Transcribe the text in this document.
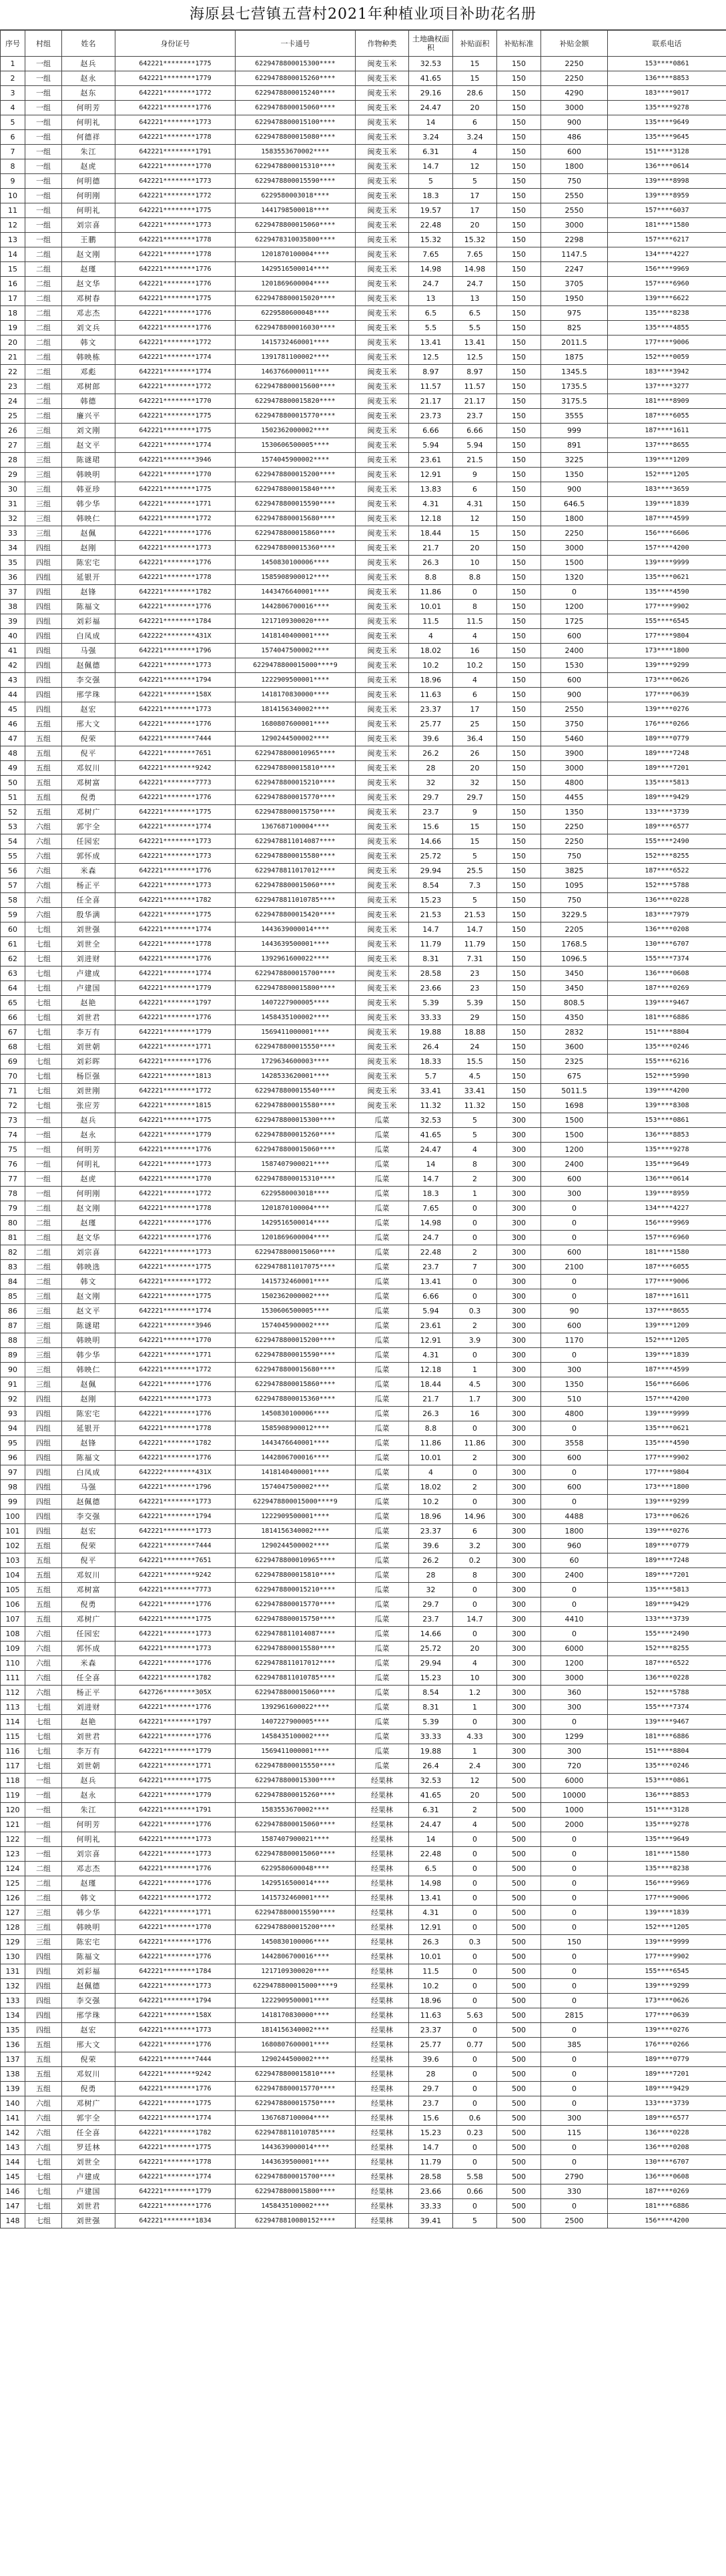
海原县七营镇五营村2021年种植业项目补助花名册
序号	村组	姓名	身份证号	一卡通号	作物种类	土地确权面积	补贴面积	补贴标准	补贴金额	联系电话
1	一组	赵兵	642221********1775	6229478800015300****	闽麦玉米	32.53	15	150	2250	153****0861
2	一组	赵永	642221********1779	6229478800015260****	闽麦玉米	41.65	15	150	2250	136****8853
3	一组	赵东	642221********1772	6229478800015240****	闽麦玉米	29.16	28.6	150	4290	183****9017
4	一组	何明芳	642221********1776	6229478800015060****	闽麦玉米	24.47	20	150	3000	135****9278
5	一组	何明礼	642221********1773	6229478800015100****	闽麦玉米	14	6	150	900	135****9649
6	一组	何德祥	642221********1778	6229478800015080****	闽麦玉米	3.24	3.24	150	486	135****9645
7	一组	朱江	642221********1791	1583553670002****	闽麦玉米	6.31	4	150	600	151****3128
8	一组	赵虎	642221********1770	6229478800015310****	闽麦玉米	14.7	12	150	1800	136****0614
9	一组	何明德	642221********1773	6229478800015590****	闽麦玉米	5	5	150	750	139****8998
10	一组	何明刚	642221********1772	6229580003018****	闽麦玉米	18.3	17	150	2550	139****8959
11	一组	何明礼	642221********1775	1441798500018****	闽麦玉米	19.57	17	150	2550	157****6037
12	一组	刘宗喜	642221********1773	6229478800015060****	闽麦玉米	22.48	20	150	3000	181****1580
13	一组	王鹏	642221********1778	6229478310035800****	闽麦玉米	15.32	15.32	150	2298	157****6217
14	二组	赵文刚	642221********1778	1201870100004****	闽麦玉米	7.65	7.65	150	1147.5	134****4227
15	二组	赵瑾	642221********1776	1429516500014****	闽麦玉米	14.98	14.98	150	2247	156****9969
16	二组	赵文华	642221********1776	1201869600004****	闽麦玉米	24.7	24.7	150	3705	157****6960
17	二组	邓树春	642221********1775	6229478800015020****	闽麦玉米	13	13	150	1950	139****6622
18	二组	邓志杰	642221********1776	6229580600048****	闽麦玉米	6.5	6.5	150	975	135****8238
19	二组	刘文兵	642221********1776	6229478800016030****	闽麦玉米	5.5	5.5	150	825	135****4855
20	二组	韩文	642221********1772	1415732460001****	闽麦玉米	13.41	13.41	150	2011.5	177****9006
21	二组	韩映栋	642221********1774	1391781100002****	闽麦玉米	12.5	12.5	150	1875	152****0059
22	二组	邓彪	642221********1774	1463766000011****	闽麦玉米	8.97	8.97	150	1345.5	183****3942
23	二组	邓树郎	642221********1772	6229478800015600****	闽麦玉米	11.57	11.57	150	1735.5	137****3277
24	二组	韩德	642221********1770	6229478800015820****	闽麦玉米	21.17	21.17	150	3175.5	181****8909
25	二组	廉兴平	642221********1775	6229478800015770****	闽麦玉米	23.73	23.7	150	3555	187****6055
26	三组	刘文刚	642221********1775	1502362000002****	闽麦玉米	6.66	6.66	150	999	187****1611
27	三组	赵文平	642221********1774	1530606500005****	闽麦玉米	5.94	5.94	150	891	137****8655
28	三组	陈谜珺	642221********3946	1574045900002****	闽麦玉米	23.61	21.5	150	3225	139****1209
29	三组	韩映明	642221********1770	6229478800015200****	闽麦玉米	12.91	9	150	1350	152****1205
30	三组	韩亚珍	642221********1775	6229478800015840****	闽麦玉米	13.83	6	150	900	183****3659
31	三组	韩少华	642221********1771	6229478800015590****	闽麦玉米	4.31	4.31	150	646.5	139****1839
32	三组	韩映仁	642221********1772	6229478800015680****	闽麦玉米	12.18	12	150	1800	187****4599
33	三组	赵佩	642221********1776	6229478800015860****	闽麦玉米	18.44	15	150	2250	156****6606
34	四组	赵刚	642221********1773	6229478800015360****	闽麦玉米	21.7	20	150	3000	157****4200
35	四组	陈宏宅	642221********1776	1450830100006****	闽麦玉米	26.3	10	150	1500	139****9999
36	四组	延银开	642221********1778	1585908900012****	闽麦玉米	8.8	8.8	150	1320	135****0621
37	四组	赵锋	642221********1782	1443476640001****	闽麦玉米	11.86	0	150	0	135****4590
38	四组	陈福文	642221********1776	1442806700016****	闽麦玉米	10.01	8	150	1200	177****9902
39	四组	刘彩福	642221********1784	1217109300020****	闽麦玉米	11.5	11.5	150	1725	155****6545
40	四组	白凤成	642222********431X	1418140400001****	闽麦玉米	4	4	150	600	177****9804
41	四组	马强	642221********1796	1574047500002****	闽麦玉米	18.02	16	150	2400	173****1800
42	四组	赵佩德	642221********1773	6229478800015000****9	闽麦玉米	10.2	10.2	150	1530	139****9299
43	四组	李交强	642221********1794	1222909500001****	闽麦玉米	18.96	4	150	600	173****0626
44	四组	邢学珠	642221********158X	1418170830000****	闽麦玉米	11.63	6	150	900	177****0639
45	四组	赵宏	642221********1773	1814156340002****	闽麦玉米	23.37	17	150	2550	139****0276
46	五组	邢大文	642221********1776	1680807600001****	闽麦玉米	25.77	25	150	3750	176****0266
47	五组	倪荣	642221********7444	1290244500002****	闽麦玉米	39.6	36.4	150	5460	189****0779
48	五组	倪平	642221********7651	6229478800010965****	闽麦玉米	26.2	26	150	3900	189****7248
49	五组	邓奴川	642221********9242	6229478800015810****	闽麦玉米	28	20	150	3000	189****7201
50	五组	邓树富	642221********7773	6229478800015210****	闽麦玉米	32	32	150	4800	135****5813
51	五组	倪勇	642221********1776	6229478800015770****	闽麦玉米	29.7	29.7	150	4455	189****9429
52	五组	邓树广	642221********1775	6229478800015750****	闽麦玉米	23.7	9	150	1350	133****3739
53	六组	郭宇全	642221********1774	1367687100004****	闽麦玉米	15.6	15	150	2250	189****6577
54	六组	任园宏	642221********1773	6229478811014087****	闽麦玉米	14.66	15	150	2250	155****2490
55	六组	郭怀成	642221********1773	6229478800015580****	闽麦玉米	25.72	5	150	750	152****8255
56	六组	米森	642221********1776	6229478811017012****	闽麦玉米	29.94	25.5	150	3825	187****6522
57	六组	杨正平	642221********1773	6229478800015060****	闽麦玉米	8.54	7.3	150	1095	152****5788
58	六组	任全喜	642221********1782	6229478811010785****	闽麦玉米	15.23	5	150	750	136****0228
59	六组	殷华满	642221********1775	6229478800015420****	闽麦玉米	21.53	21.53	150	3229.5	183****7979
60	七组	刘世强	642221********1774	1443639000014****	闽麦玉米	14.7	14.7	150	2205	136****0208
61	七组	刘世全	642221********1778	1443639500001****	闽麦玉米	11.79	11.79	150	1768.5	130****6707
62	七组	刘进财	642221********1776	1392961600022****	闽麦玉米	8.31	7.31	150	1096.5	155****7374
63	七组	卢建成	642221********1774	6229478800015700****	闽麦玉米	28.58	23	150	3450	136****0608
64	七组	卢建国	642221********1779	6229478800015800****	闽麦玉米	23.66	23	150	3450	187****0269
65	七组	赵艳	642221********1797	1407227900005****	闽麦玉米	5.39	5.39	150	808.5	139****9467
66	七组	刘世君	642221********1776	1458435100002****	闽麦玉米	33.33	29	150	4350	181****6886
67	七组	李万有	642221********1779	1569411000001****	闽麦玉米	19.88	18.88	150	2832	151****8804
68	七组	刘世朝	642221********1771	6229478800015550****	闽麦玉米	26.4	24	150	3600	135****0246
69	七组	刘彩晖	642221********1776	1729634600003****	闽麦玉米	18.33	15.5	150	2325	155****6216
70	七组	杨臣强	642221********1813	1428533620001****	闽麦玉米	5.7	4.5	150	675	152****5990
71	七组	刘世刚	642221********1772	6229478800015540****	闽麦玉米	33.41	33.41	150	5011.5	139****4200
72	七组	张应芳	642221********1815	6229478800015580****	闽麦玉米	11.32	11.32	150	1698	139****8308
73	一组	赵兵	642221********1775	6229478800015300****	瓜菜	32.53	5	300	1500	153****0861
74	一组	赵永	642221********1779	6229478800015260****	瓜菜	41.65	5	300	1500	136****8853
75	一组	何明芳	642221********1776	6229478800015060****	瓜菜	24.47	4	300	1200	135****9278
76	一组	何明礼	642221********1773	1587407900021****	瓜菜	14	8	300	2400	135****9649
77	一组	赵虎	642221********1770	6229478800015310****	瓜菜	14.7	2	300	600	136****0614
78	一组	何明刚	642221********1772	6229580003018****	瓜菜	18.3	1	300	300	139****8959
79	二组	赵文刚	642221********1778	1201870100004****	瓜菜	7.65	0	300	0	134****4227
80	二组	赵瑾	642221********1776	1429516500014****	瓜菜	14.98	0	300	0	156****9969
81	二组	赵文华	642221********1776	1201869600004****	瓜菜	24.7	0	300	0	157****6960
82	二组	刘宗喜	642221********1773	6229478800015060****	瓜菜	22.48	2	300	600	181****1580
83	二组	韩映选	642221********1775	6229478811017075****	瓜菜	23.7	7	300	2100	187****6055
84	二组	韩文	642221********1772	1415732460001****	瓜菜	13.41	0	300	0	177****9006
85	三组	赵文刚	642221********1775	1502362000002****	瓜菜	6.66	0	300	0	187****1611
86	三组	赵文平	642221********1774	1530606500005****	瓜菜	5.94	0.3	300	90	137****8655
87	三组	陈谜珺	642221********3946	1574045900002****	瓜菜	23.61	2	300	600	139****1209
88	三组	韩映明	642221********1770	6229478800015200****	瓜菜	12.91	3.9	300	1170	152****1205
89	三组	韩少华	642221********1771	6229478800015590****	瓜菜	4.31	0	300	0	139****1839
90	三组	韩映仁	642221********1772	6229478800015680****	瓜菜	12.18	1	300	300	187****4599
91	三组	赵佩	642221********1776	6229478800015860****	瓜菜	18.44	4.5	300	1350	156****6606
92	四组	赵刚	642221********1773	6229478800015360****	瓜菜	21.7	1.7	300	510	157****4200
93	四组	陈宏宅	642221********1776	1450830100006****	瓜菜	26.3	16	300	4800	139****9999
94	四组	延银开	642221********1778	1585908900012****	瓜菜	8.8	0	300	0	135****0621
95	四组	赵锋	642221********1782	1443476640001****	瓜菜	11.86	11.86	300	3558	135****4590
96	四组	陈福文	642221********1776	1442806700016****	瓜菜	10.01	2	300	600	177****9902
97	四组	白凤成	642222********431X	1418140400001****	瓜菜	4	0	300	0	177****9804
98	四组	马强	642221********1796	1574047500002****	瓜菜	18.02	2	300	600	173****1800
99	四组	赵佩德	642221********1773	6229478800015000****9	瓜菜	10.2	0	300	0	139****9299
100	四组	李交强	642221********1794	1222909500001****	瓜菜	18.96	14.96	300	4488	173****0626
101	四组	赵宏	642221********1773	1814156340002****	瓜菜	23.37	6	300	1800	139****0276
102	五组	倪荣	642221********7444	1290244500002****	瓜菜	39.6	3.2	300	960	189****0779
103	五组	倪平	642221********7651	6229478800010965****	瓜菜	26.2	0.2	300	60	189****7248
104	五组	邓奴川	642221********9242	6229478800015810****	瓜菜	28	8	300	2400	189****7201
105	五组	邓树富	642221********7773	6229478800015210****	瓜菜	32	0	300	0	135****5813
106	五组	倪勇	642221********1776	6229478800015770****	瓜菜	29.7	0	300	0	189****9429
107	五组	邓树广	642221********1775	6229478800015750****	瓜菜	23.7	14.7	300	4410	133****3739
108	六组	任园宏	642221********1773	6229478811014087****	瓜菜	14.66	0	300	0	155****2490
109	六组	郭怀成	642221********1773	6229478800015580****	瓜菜	25.72	20	300	6000	152****8255
110	六组	米森	642221********1776	6229478811017012****	瓜菜	29.94	4	300	1200	187****6522
111	六组	任全喜	642221********1782	6229478811010785****	瓜菜	15.23	10	300	3000	136****0228
112	六组	杨正平	642726********305X	6229478800015060****	瓜菜	8.54	1.2	300	360	152****5788
113	七组	刘进财	642221********1776	1392961600022****	瓜菜	8.31	1	300	300	155****7374
114	七组	赵艳	642221********1797	1407227900005****	瓜菜	5.39	0	300	0	139****9467
115	七组	刘世君	642221********1776	1458435100002****	瓜菜	33.33	4.33	300	1299	181****6886
116	七组	李万有	642221********1779	1569411000001****	瓜菜	19.88	1	300	300	151****8804
117	七组	刘世朝	642221********1771	6229478800015550****	瓜菜	26.4	2.4	300	720	135****0246
118	一组	赵兵	642221********1775	6229478800015300****	经果林	32.53	12	500	6000	153****0861
119	一组	赵永	642221********1779	6229478800015260****	经果林	41.65	20	500	10000	136****8853
120	一组	朱江	642221********1791	1583553670002****	经果林	6.31	2	500	1000	151****3128
121	一组	何明芳	642221********1776	6229478800015060****	经果林	24.47	4	500	2000	135****9278
122	一组	何明礼	642221********1773	1587407900021****	经果林	14	0	500	0	135****9649
123	一组	刘宗喜	642221********1773	6229478800015060****	经果林	22.48	0	500	0	181****1580
124	二组	邓志杰	642221********1776	6229580600048****	经果林	6.5	0	500	0	135****8238
125	二组	赵瑾	642221********1776	1429516500014****	经果林	14.98	0	500	0	156****9969
126	二组	韩文	642221********1772	1415732460001****	经果林	13.41	0	500	0	177****9006
127	三组	韩少华	642221********1771	6229478800015590****	经果林	4.31	0	500	0	139****1839
128	三组	韩映明	642221********1770	6229478800015200****	经果林	12.91	0	500	0	152****1205
129	三组	陈宏宅	642221********1776	1450830100006****	经果林	26.3	0.3	500	150	139****9999
130	四组	陈福文	642221********1776	1442806700016****	经果林	10.01	0	500	0	177****9902
131	四组	刘彩福	642221********1784	1217109300020****	经果林	11.5	0	500	0	155****6545
132	四组	赵佩德	642221********1773	6229478800015000****9	经果林	10.2	0	500	0	139****9299
133	四组	李交强	642221********1794	1222909500001****	经果林	18.96	0	500	0	173****0626
134	四组	邢学珠	642221********158X	1418170830000****	经果林	11.63	5.63	500	2815	177****0639
135	四组	赵宏	642221********1773	1814156340002****	经果林	23.37	0	500	0	139****0276
136	五组	邢大文	642221********1776	1680807600001****	经果林	25.77	0.77	500	385	176****0266
137	五组	倪荣	642221********7444	1290244500002****	经果林	39.6	0	500	0	189****0779
138	五组	邓奴川	642221********9242	6229478800015810****	经果林	28	0	500	0	189****7201
139	五组	倪勇	642221********1776	6229478800015770****	经果林	29.7	0	500	0	189****9429
140	六组	邓树广	642221********1775	6229478800015750****	经果林	23.7	0	500	0	133****3739
141	六组	郭宇全	642221********1774	1367687100004****	经果林	15.6	0.6	500	300	189****6577
142	六组	任全喜	642221********1782	6229478811010785****	经果林	15.23	0.23	500	115	136****0228
143	六组	罗廷林	642221********1775	1443639000014****	经果林	14.7	0	500	0	136****0208
144	七组	刘世全	642221********1778	1443639500001****	经果林	11.79	0	500	0	130****6707
145	七组	卢建成	642221********1774	6229478800015700****	经果林	28.58	5.58	500	2790	136****0608
146	七组	卢建国	642221********1779	6229478800015800****	经果林	23.66	0.66	500	330	187****0269
147	七组	刘世君	642221********1776	1458435100002****	经果林	33.33	0	500	0	181****6886
148	七组	刘世强	642221********1834	6229478810080152****	经果林	39.41	5	500	2500	156****4200
